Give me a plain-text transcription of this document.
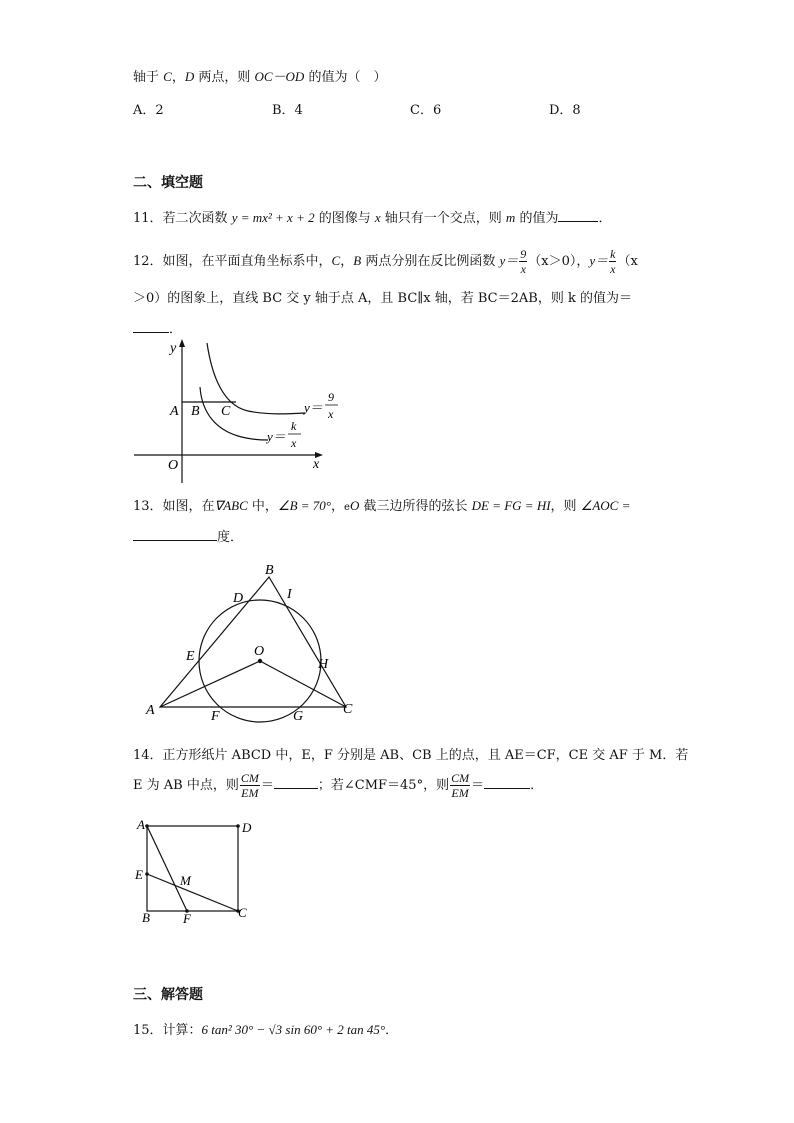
轴于 C，D 两点，则 OC－OD 的值为（　）
A．2	B．4	C．6	D．8
二、填空题
11．若二次函数 y = mx² + x + 2 的图像与 x 轴只有一个交点，则 m 的值为	．
12．如图，在平面直角坐标系中，C，B 两点分别在反比例函数 $y= \frac{9}{x} (x>0)$，$y= \frac{k}{x} (x$
＞0）的图象上，直线 BC 交 y 轴于点 A，且 BC∥x 轴，若 BC＝2AB，则 k 的值为＝
．
y
x
O
A B C	y＝
9
x
y＝
k
x
13．如图，在∇ABC 中，∠B = 70°，eO 截三边所得的弦长 DE = FG = HI，则 ∠AOC =
度．
A
B
C
D
E
F	G
H
I
O
14．正方形纸片 ABCD 中，E，F 分别是 AB、CB 上的点，且 AE＝CF，CE 交 AF 于 M．若
E 为 AB 中点，则 $\frac{CM}{EM}$ ＝	；若∠CMF＝45°，则 $\frac{CM}{EM}$ ＝	．
A	D
E	M
B	F	C
三、解答题
15．计算：6 tan² 30° − √3 sin 60° + 2 tan 45°．
